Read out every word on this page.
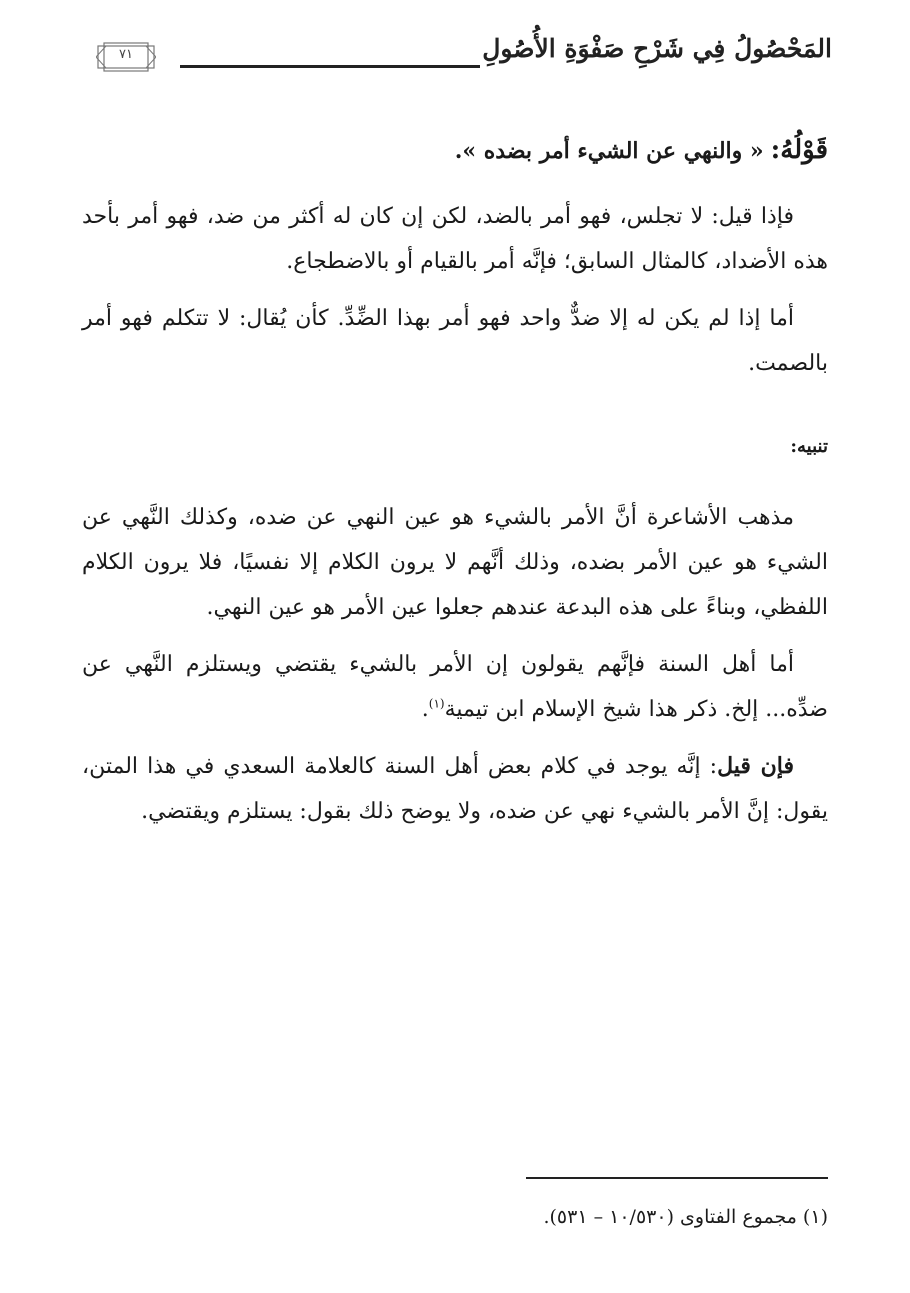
المَحْصُولُ فِي شَرْحِ صَفْوَةِ الأُصُولِ
٧١

قَوْلُهُ: « والنهي عن الشيء أمر بضده ».

فإذا قيل: لا تجلس، فهو أمر بالضد، لكن إن كان له أكثر من ضد، فهو أمر بأحد هذه الأضداد، كالمثال السابق؛ فإنَّه أمر بالقيام أو بالاضطجاع.

أما إذا لم يكن له إلا ضدٌّ واحد فهو أمر بهذا الضِّدِّ. كأن يُقال: لا تتكلم فهو أمر بالصمت.

تنبيه:

مذهب الأشاعرة أنَّ الأمر بالشيء هو عين النهي عن ضده، وكذلك النَّهي عن الشيء هو عين الأمر بضده، وذلك أنَّهم لا يرون الكلام إلا نفسيًا، فلا يرون الكلام اللفظي، وبناءً على هذه البدعة عندهم جعلوا عين الأمر هو عين النهي.

أما أهل السنة فإنَّهم يقولون إن الأمر بالشيء يقتضي ويستلزم النَّهي عن ضدِّه... إلخ. ذكر هذا شيخ الإسلام ابن تيمية$^{(١)}$.

فإن قيل: إنَّه يوجد في كلام بعض أهل السنة كالعلامة السعدي في هذا المتن، يقول: إنَّ الأمر بالشيء نهي عن ضده، ولا يوضح ذلك بقول: يستلزم ويقتضي.

(١) مجموع الفتاوى (١٠/٥٣٠ – ٥٣١).
